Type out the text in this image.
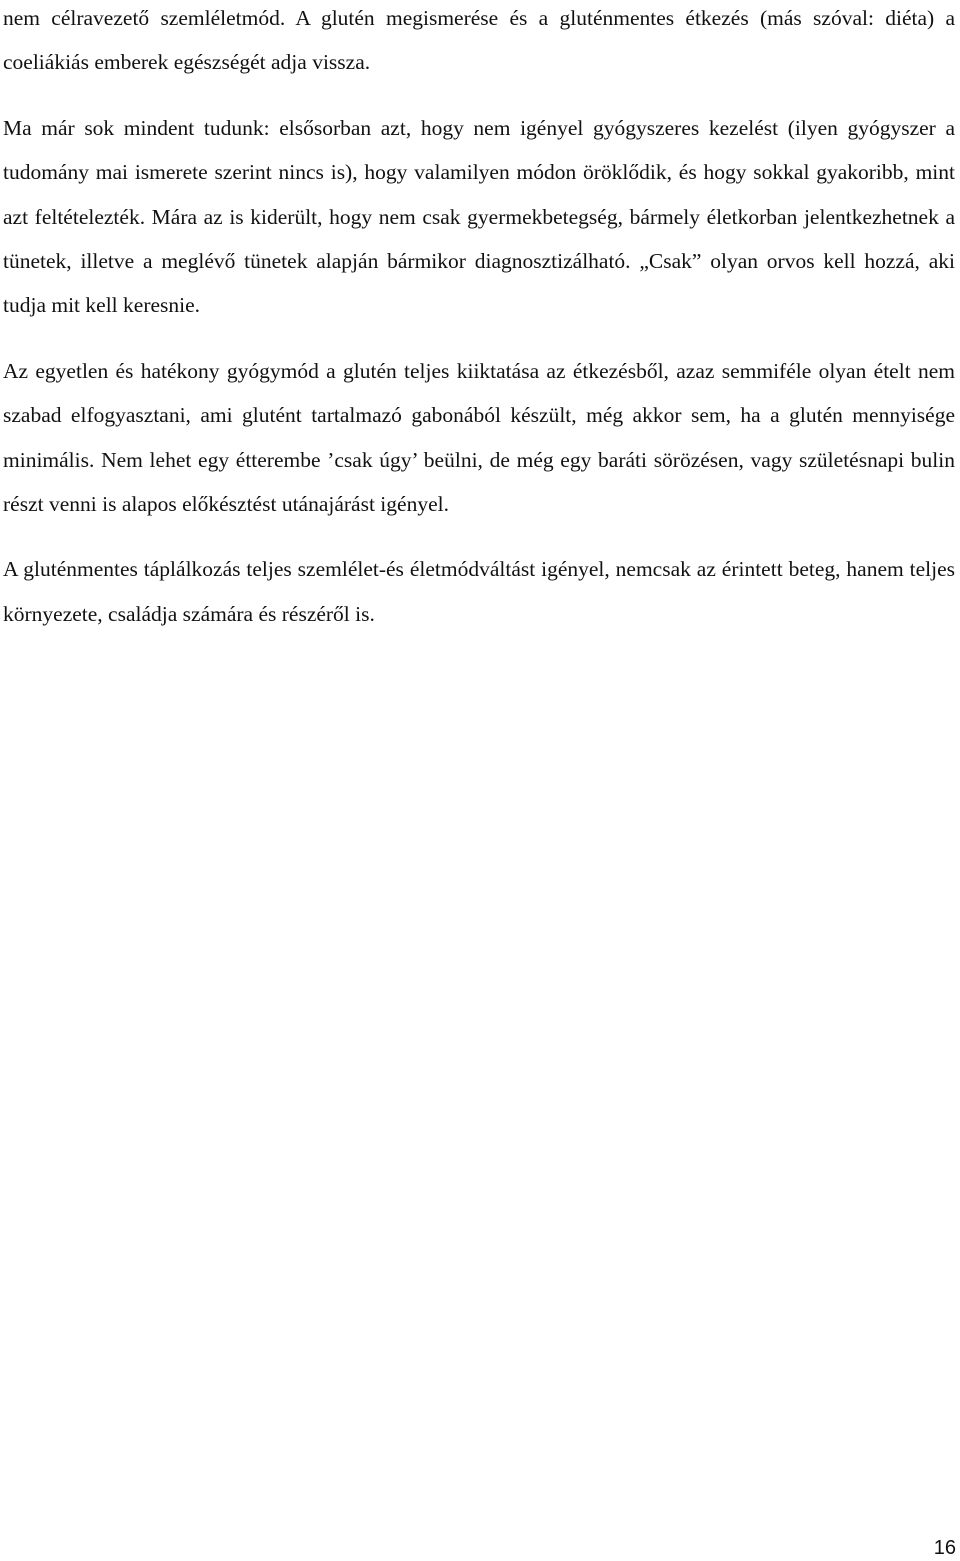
nem célravezető szemléletmód. A glutén megismerése és a gluténmentes étkezés (más szóval: diéta) a coeliákiás emberek egészségét adja vissza.

Ma már sok mindent tudunk: elsősorban azt, hogy nem igényel gyógyszeres kezelést (ilyen gyógyszer a tudomány mai ismerete szerint nincs is), hogy valamilyen módon öröklődik, és hogy sokkal gyakoribb, mint azt feltételezték. Mára az is kiderült, hogy nem csak gyermekbetegség, bármely életkorban jelentkezhetnek a tünetek, illetve a meglévő tünetek alapján bármikor diagnosztizálható. „Csak” olyan orvos kell hozzá, aki tudja mit kell keresnie.

Az egyetlen és hatékony gyógymód a glutén teljes kiiktatása az étkezésből, azaz semmiféle olyan ételt nem szabad elfogyasztani, ami glutént tartalmazó gabonából készült, még akkor sem, ha a glutén mennyisége minimális. Nem lehet egy étterembe ’csak úgy’ beülni, de még egy baráti sörözésen, vagy születésnapi bulin részt venni is alapos előkésztést utánajárást igényel.

A gluténmentes táplálkozás teljes szemlélet-és életmódváltást igényel, nemcsak az érintett beteg, hanem teljes környezete, családja számára és részéről is.

16
